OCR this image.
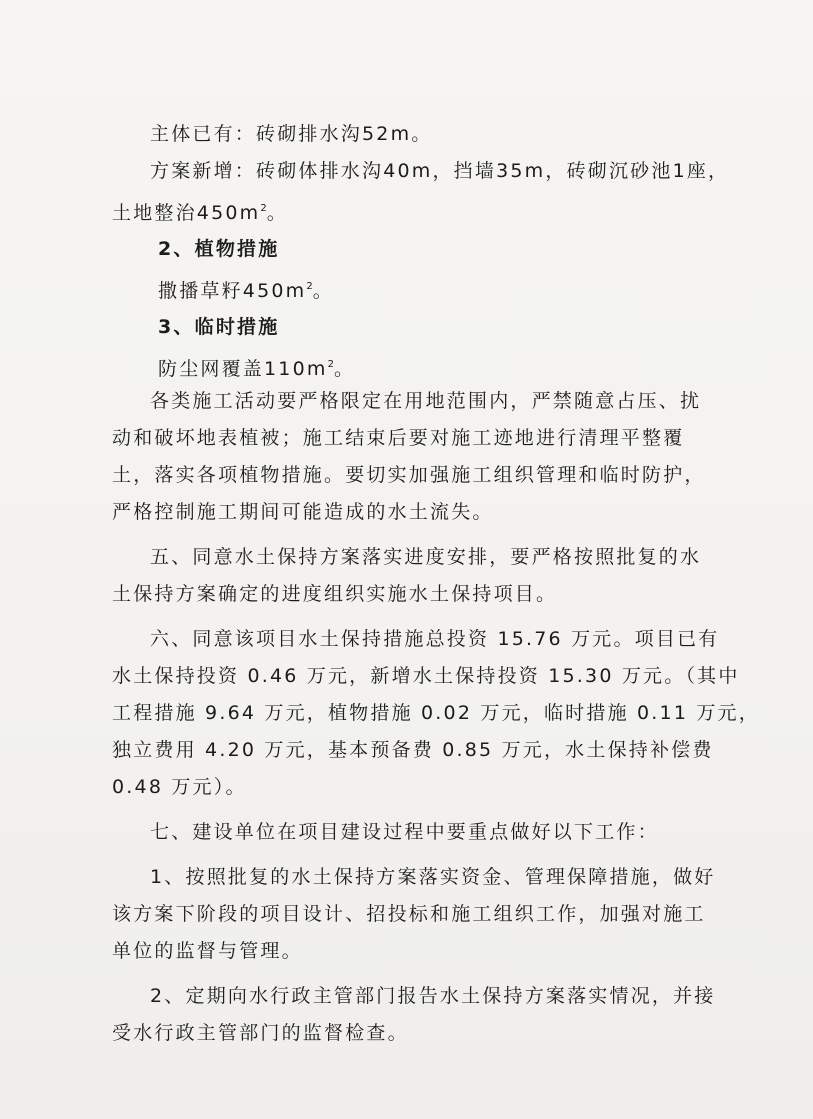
主体已有：砖砌排水沟52m。
方案新增：砖砌体排水沟40m，挡墙35m，砖砌沉砂池1座，
土地整治$450m^2$。
2、植物措施
撒播草籽$450m^2$。
3、临时措施
防尘网覆盖$110m^2$。
各类施工活动要严格限定在用地范围内，严禁随意占压、扰
动和破坏地表植被；施工结束后要对施工迹地进行清理平整覆
土，落实各项植物措施。要切实加强施工组织管理和临时防护，
严格控制施工期间可能造成的水土流失。
五、同意水土保持方案落实进度安排，要严格按照批复的水
土保持方案确定的进度组织实施水土保持项目。
六、同意该项目水土保持措施总投资 15.76 万元。项目已有
水土保持投资 0.46 万元，新增水土保持投资 15.30 万元。（其中
工程措施 9.64 万元，植物措施 0.02 万元，临时措施 0.11 万元，
独立费用 4.20 万元，基本预备费 0.85 万元，水土保持补偿费
0.48 万元）。
七、建设单位在项目建设过程中要重点做好以下工作：
1、按照批复的水土保持方案落实资金、管理保障措施，做好
该方案下阶段的项目设计、招投标和施工组织工作，加强对施工
单位的监督与管理。
2、定期向水行政主管部门报告水土保持方案落实情况，并接
受水行政主管部门的监督检查。
